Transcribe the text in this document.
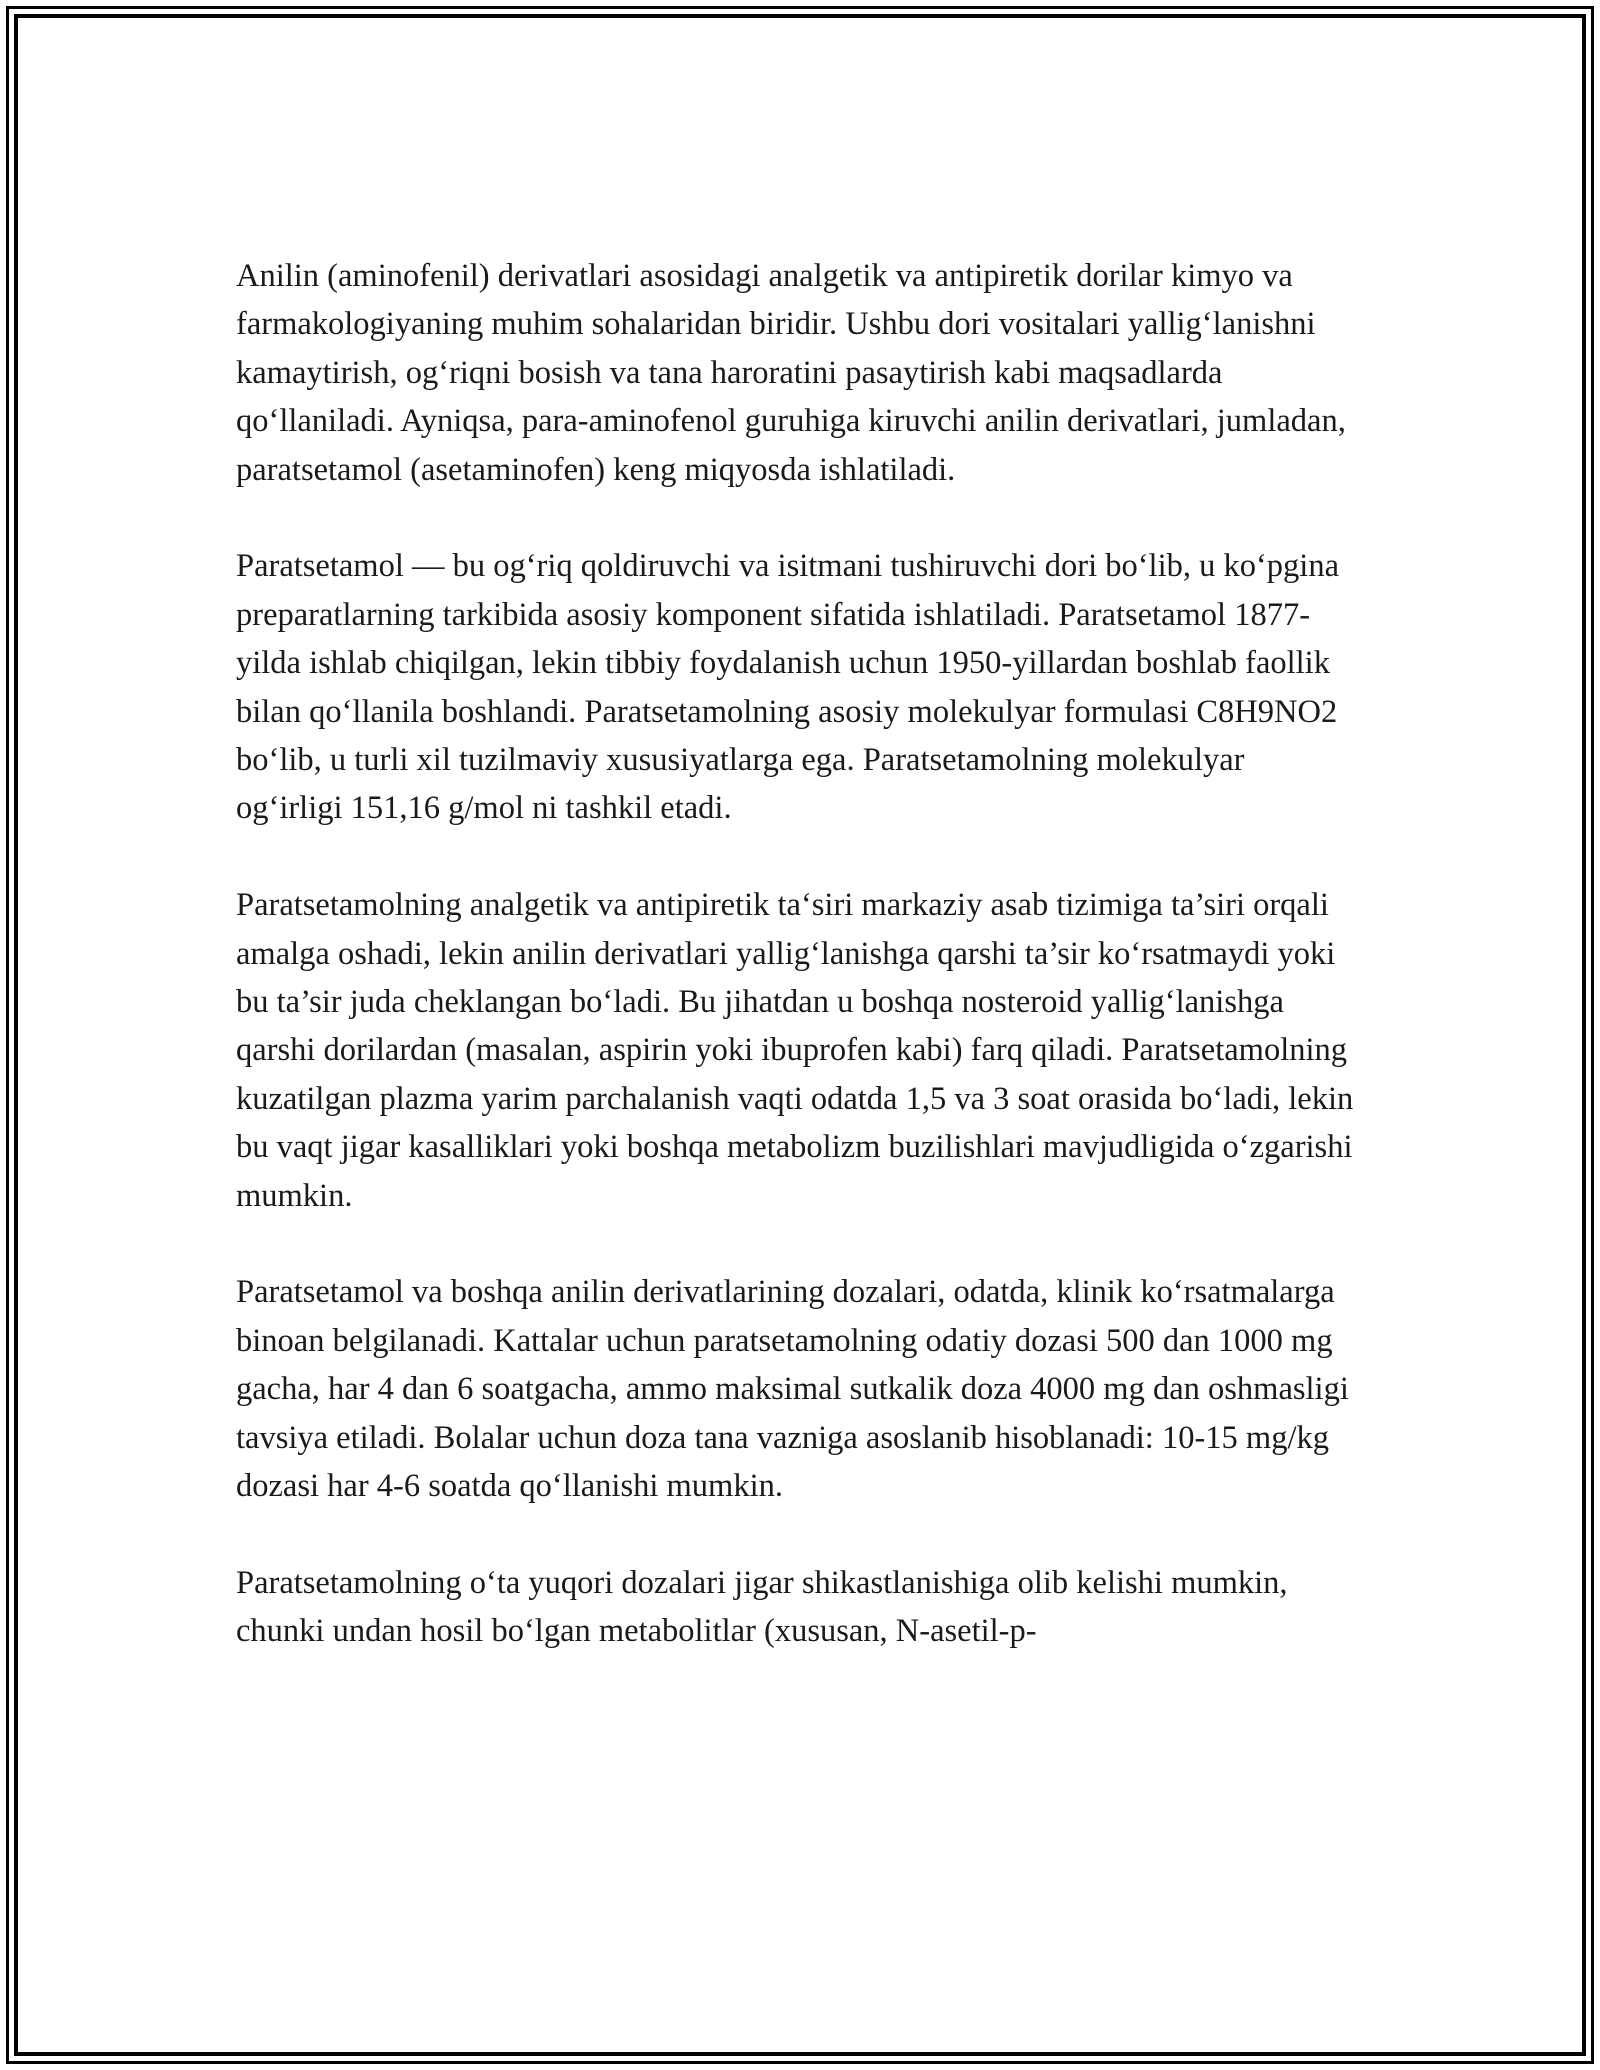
Anilin (aminofenil) derivatlari asosidagi analgetik va antipiretik dorilar kimyo va farmakologiyaning muhim sohalaridan biridir. Ushbu dori vositalari yallig‘lanishni kamaytirish, og‘riqni bosish va tana haroratini pasaytirish kabi maqsadlarda qo‘llaniladi. Ayniqsa, para-aminofenol guruhiga kiruvchi anilin derivatlari, jumladan, paratsetamol (asetaminofen) keng miqyosda ishlatiladi.

Paratsetamol — bu og‘riq qoldiruvchi va isitmani tushiruvchi dori bo‘lib, u ko‘pgina preparatlarning tarkibida asosiy komponent sifatida ishlatiladi. Paratsetamol 1877-yilda ishlab chiqilgan, lekin tibbiy foydalanish uchun 1950-yillardan boshlab faollik bilan qo‘llanila boshlandi. Paratsetamolning asosiy molekulyar formulasi C8H9NO2 bo‘lib, u turli xil tuzilmaviy xususiyatlarga ega. Paratsetamolning molekulyar og‘irligi 151,16 g/mol ni tashkil etadi.

Paratsetamolning analgetik va antipiretik ta‘siri markaziy asab tizimiga ta’siri orqali amalga oshadi, lekin anilin derivatlari yallig‘lanishga qarshi ta’sir ko‘rsatmaydi yoki bu ta’sir juda cheklangan bo‘ladi. Bu jihatdan u boshqa nosteroid yallig‘lanishga qarshi dorilardan (masalan, aspirin yoki ibuprofen kabi) farq qiladi. Paratsetamolning kuzatilgan plazma yarim parchalanish vaqti odatda 1,5 va 3 soat orasida bo‘ladi, lekin bu vaqt jigar kasalliklari yoki boshqa metabolizm buzilishlari mavjudligida o‘zgarishi mumkin.

Paratsetamol va boshqa anilin derivatlarining dozalari, odatda, klinik ko‘rsatmalarga binoan belgilanadi. Kattalar uchun paratsetamolning odatiy dozasi 500 dan 1000 mg gacha, har 4 dan 6 soatgacha, ammo maksimal sutkalik doza 4000 mg dan oshmasligi tavsiya etiladi. Bolalar uchun doza tana vazniga asoslanib hisoblanadi: 10-15 mg/kg dozasi har 4-6 soatda qo‘llanishi mumkin.

Paratsetamolning o‘ta yuqori dozalari jigar shikastlanishiga olib kelishi mumkin, chunki undan hosil bo‘lgan metabolitlar (xususan, N-asetil-p-
